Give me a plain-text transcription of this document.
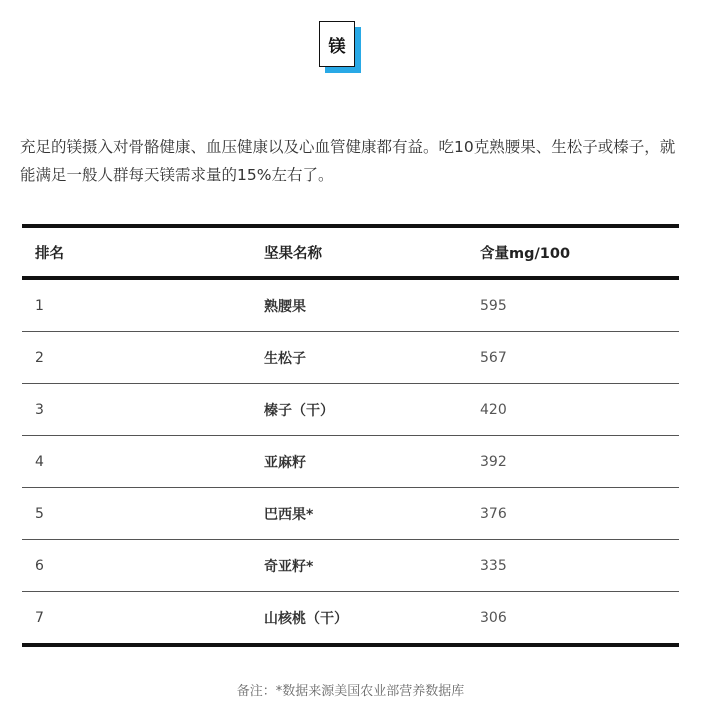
镁

充足的镁摄入对骨骼健康、血压健康以及心血管健康都有益。吃10克熟腰果、生松子或榛子，就能满足一般人群每天镁需求量的15%左右了。

排名	坚果名称	含量mg/100
1	熟腰果	595
2	生松子	567
3	榛子（干）	420
4	亚麻籽	392
5	巴西果*	376
6	奇亚籽*	335
7	山核桃（干）	306
备注：*数据来源美国农业部营养数据库
